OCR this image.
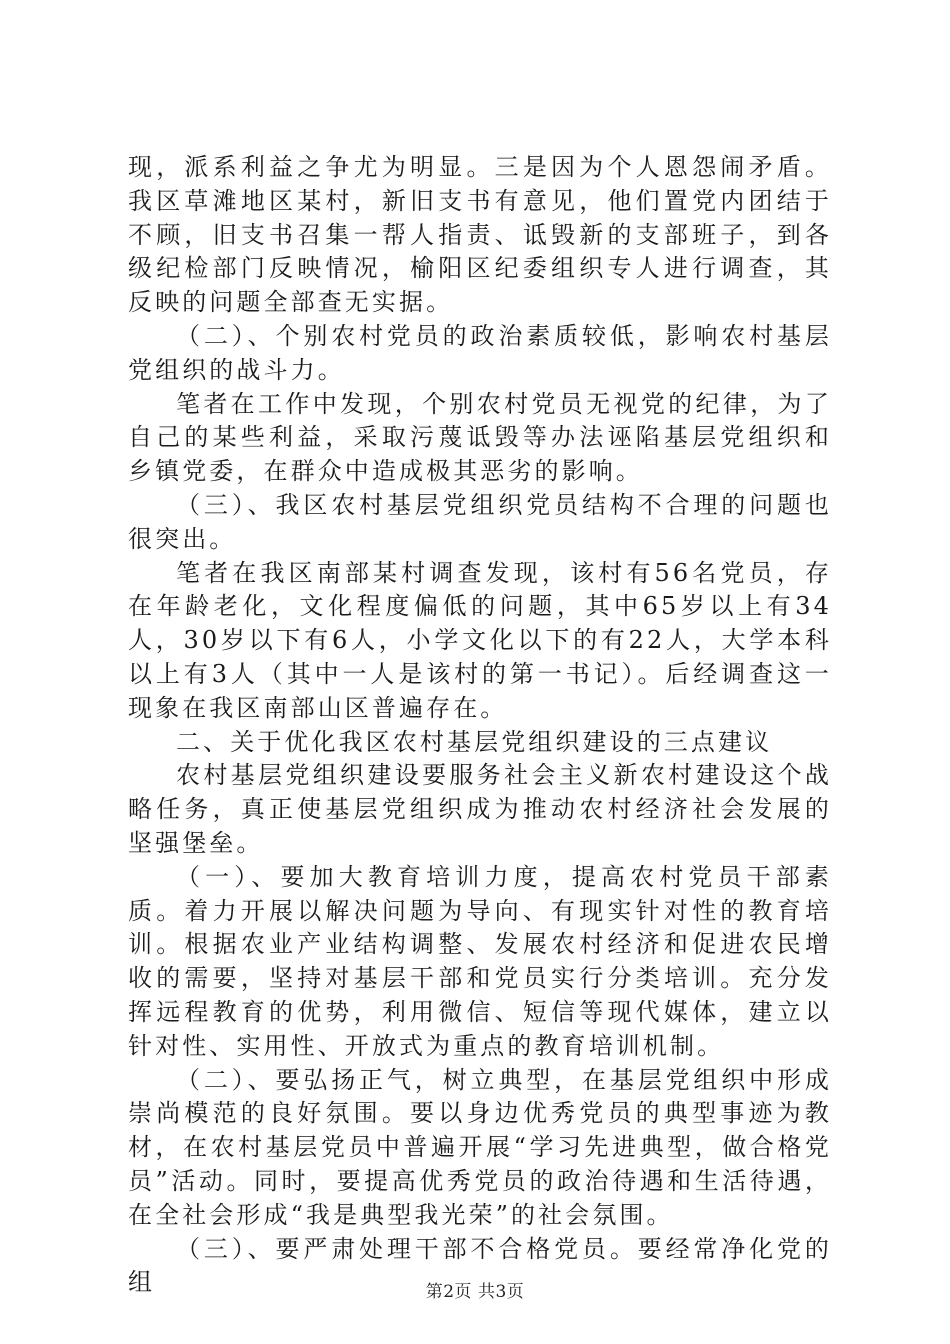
现，派系利益之争尤为明显。三是因为个人恩怨闹矛盾。我区草滩地区某村，新旧支书有意见，他们置党内团结于不顾，旧支书召集一帮人指责、诋毁新的支部班子，到各级纪检部门反映情况，榆阳区纪委组织专人进行调查，其反映的问题全部查无实据。

（二）、个别农村党员的政治素质较低，影响农村基层党组织的战斗力。

笔者在工作中发现，个别农村党员无视党的纪律，为了自己的某些利益，采取污蔑诋毁等办法诬陷基层党组织和乡镇党委，在群众中造成极其恶劣的影响。

（三）、我区农村基层党组织党员结构不合理的问题也很突出。

笔者在我区南部某村调查发现，该村有56名党员，存在年龄老化，文化程度偏低的问题，其中65岁以上有34人，30岁以下有6人，小学文化以下的有22人，大学本科以上有3人（其中一人是该村的第一书记）。后经调查这一现象在我区南部山区普遍存在。

二、关于优化我区农村基层党组织建设的三点建议

农村基层党组织建设要服务社会主义新农村建设这个战略任务，真正使基层党组织成为推动农村经济社会发展的坚强堡垒。

（一）、要加大教育培训力度，提高农村党员干部素质。着力开展以解决问题为导向、有现实针对性的教育培训。根据农业产业结构调整、发展农村经济和促进农民增收的需要，坚持对基层干部和党员实行分类培训。充分发挥远程教育的优势，利用微信、短信等现代媒体，建立以针对性、实用性、开放式为重点的教育培训机制。

（二）、要弘扬正气，树立典型，在基层党组织中形成崇尚模范的良好氛围。要以身边优秀党员的典型事迹为教材，在农村基层党员中普遍开展“学习先进典型，做合格党员”活动。同时，要提高优秀党员的政治待遇和生活待遇，在全社会形成“我是典型我光荣”的社会氛围。

（三）、要严肃处理干部不合格党员。要经常净化党的组	第2页 共3页
